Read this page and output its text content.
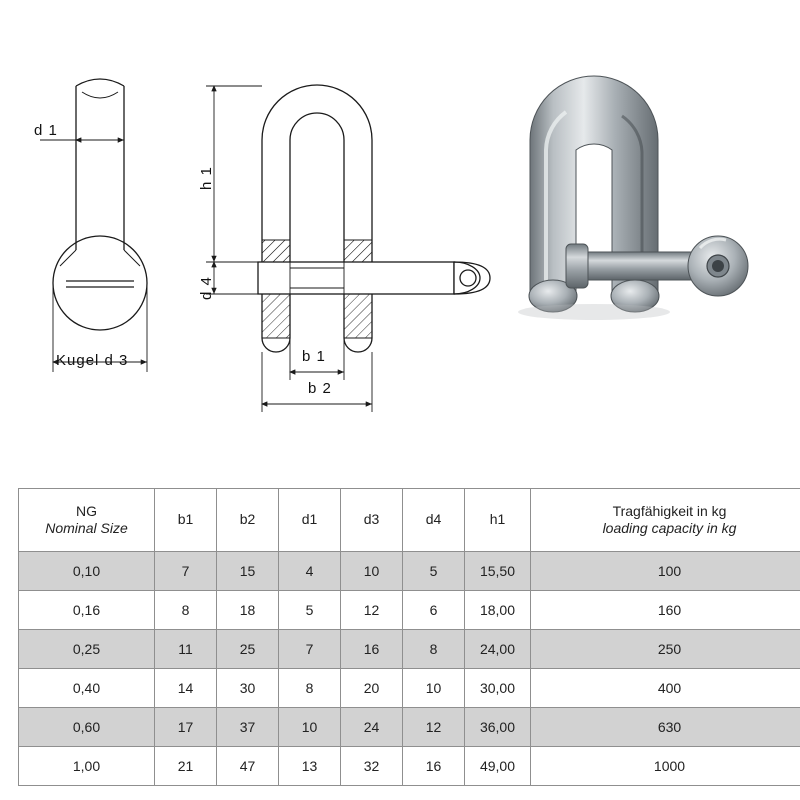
d 1
Kugel d 3
h 1
d 4
b 1
b 2
NG
Nominal Size	b1	b2	d1	d3	d4	h1	Tragfähigkeit in kg
loading capacity in kg

0,10	7	15	4	10	5	15,50	100
0,16	8	18	5	12	6	18,00	160
0,25	11	25	7	16	8	24,00	250
0,40	14	30	8	20	10	30,00	400
0,60	17	37	10	24	12	36,00	630
1,00	21	47	13	32	16	49,00	1000
